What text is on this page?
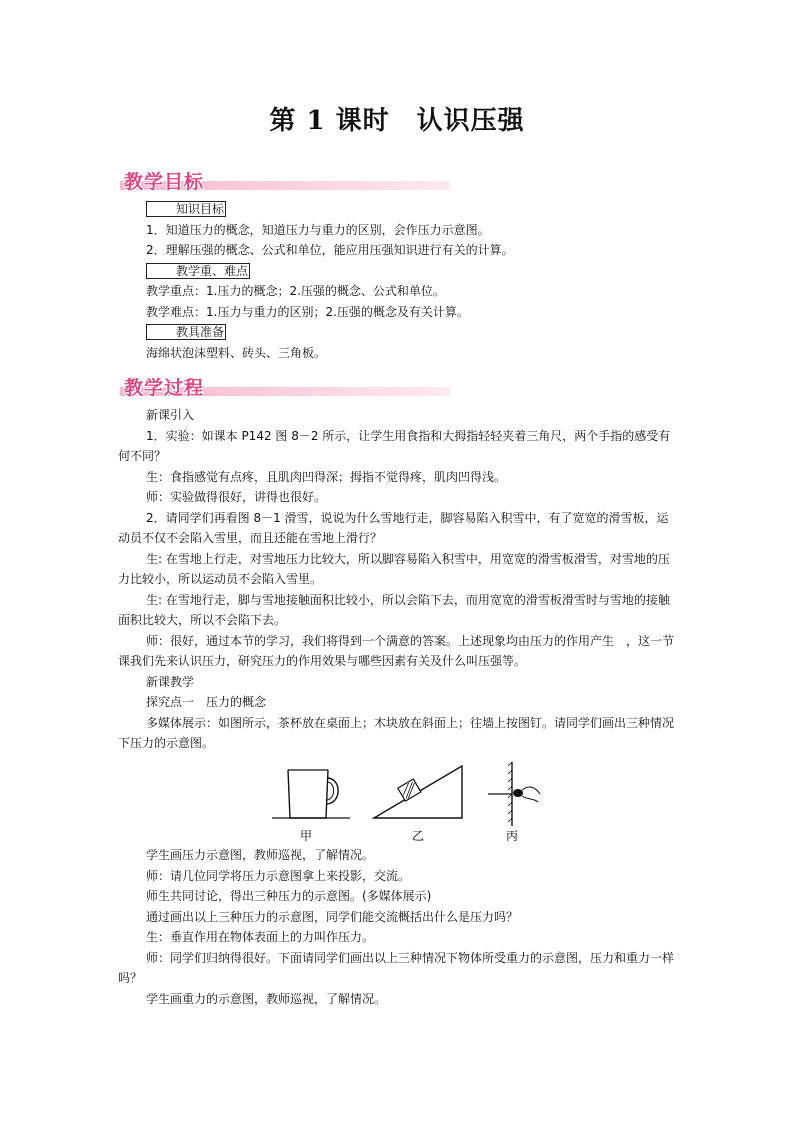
第 1 课时　认识压强
教学目标

知识目标

1．知道压力的概念，知道压力与重力的区别，会作压力示意图。

2．理解压强的概念、公式和单位，能应用压强知识进行有关的计算。

教学重、难点

教学重点：1.压力的概念；2.压强的概念、公式和单位。

教学难点：1.压力与重力的区别；2.压强的概念及有关计算。

教具准备

海绵状泡沫塑料、砖头、三角板。

教学过程

新课引入

1．实验：如课本 P142 图 8－2 所示，让学生用食指和大拇指轻轻夹着三角尺，两个手指的感受有何不同？

生：食指感觉有点疼，且肌肉凹得深；拇指不觉得疼，肌肉凹得浅。

师：实验做得很好，讲得也很好。

2．请同学们再看图 8－1 滑雪，说说为什么雪地行走，脚容易陷入积雪中，有了宽宽的滑雪板，运动员不仅不会陷入雪里，而且还能在雪地上滑行？

生: 在雪地上行走，对雪地压力比较大，所以脚容易陷入积雪中，用宽宽的滑雪板滑雪，对雪地的压力比较小，所以运动员不会陷入雪里。

生: 在雪地行走，脚与雪地接触面积比较小，所以会陷下去，而用宽宽的滑雪板滑雪时与雪地的接触面积比较大，所以不会陷下去。

师：很好，通过本节的学习，我们将得到一个满意的答案。上述现象均由压力的作用产生　，这一节课我们先来认识压力，研究压力的作用效果与哪些因素有关及什么叫压强等。

新课教学

探究点一　压力的概念

多媒体展示：如图所示，茶杯放在桌面上；木块放在斜面上；往墙上按图钉。请同学们画出三种情况下压力的示意图。

甲	乙	丙

学生画压力示意图，教师巡视，了解情况。

师：请几位同学将压力示意图拿上来投影，交流。

师生共同讨论，得出三种压力的示意图。(多媒体展示)

通过画出以上三种压力的示意图，同学们能交流概括出什么是压力吗？

生：垂直作用在物体表面上的力叫作压力。

师：同学们归纳得很好。下面请同学们画出以上三种情况下物体所受重力的示意图，压力和重力一样吗？

学生画重力的示意图，教师巡视，了解情况。
